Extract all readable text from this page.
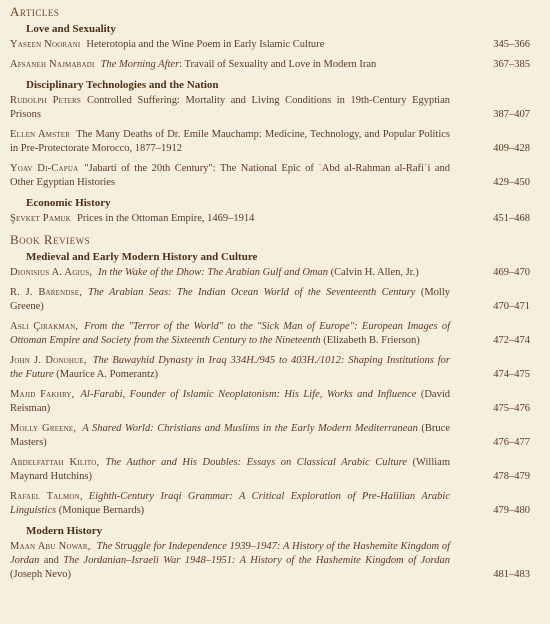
Articles
Love and Sexuality
Yaseen Noorani Heterotopia and the Wine Poem in Early Islamic Culture	345–366
Afsaneh Najmabadi The Morning After: Travail of Sexuality and Love in Modern Iran	367–385
Disciplinary Technologies and the Nation
Rudolph Peters Controlled Suffering: Mortality and Living Conditions in 19th-Century Egyptian Prisons	387–407
Ellen Amster The Many Deaths of Dr. Emile Mauchamp: Medicine, Technology, and Popular Politics in Pre-Protectorate Morocco, 1877–1912	409–428
Yoav Di-Capua "Jabarti of the 20th Century": The National Epic of ʿAbd al-Rahman al-Rafiʿi and Other Egyptian Histories	429–450
Economic History
Şevket Pamuk Prices in the Ottoman Empire, 1469–1914	451–468
Book Reviews
Medieval and Early Modern History and Culture
Dionisius A. Agius, In the Wake of the Dhow: The Arabian Gulf and Oman (Calvin H. Allen, Jr.)	469–470
R. J. Barendse, The Arabian Seas: The Indian Ocean World of the Seventeenth Century (Molly Greene)	470–471
Aslı Çırakman, From the "Terror of the World" to the "Sick Man of Europe": European Images of Ottoman Empire and Society from the Sixteenth Century to the Nineteenth (Elizabeth B. Frierson)	472–474
John J. Donohue, The Buwayhid Dynasty in Iraq 334H./945 to 403H./1012: Shaping Institutions for the Future (Maurice A. Pomerantz)	474–475
Majid Fakhry, Al-Farabi, Founder of Islamic Neoplatonism: His Life, Works and Influence (David Reisman)	475–476
Molly Greene, A Shared World: Christians and Muslims in the Early Modern Mediterranean (Bruce Masters)	476–477
Abdelfattah Kilito, The Author and His Doubles: Essays on Classical Arabic Culture (William Maynard Hutchins)	478–479
Rafael Talmon, Eighth-Century Iraqi Grammar: A Critical Exploration of Pre-Halilian Arabic Linguistics (Monique Bernards)	479–480
Modern History
Maan Abu Nowar, The Struggle for Independence 1939–1947: A History of the Hashemite Kingdom of Jordan and The Jordanian–Israeli War 1948–1951: A History of the Hashemite Kingdom of Jordan (Joseph Nevo)	481–483
